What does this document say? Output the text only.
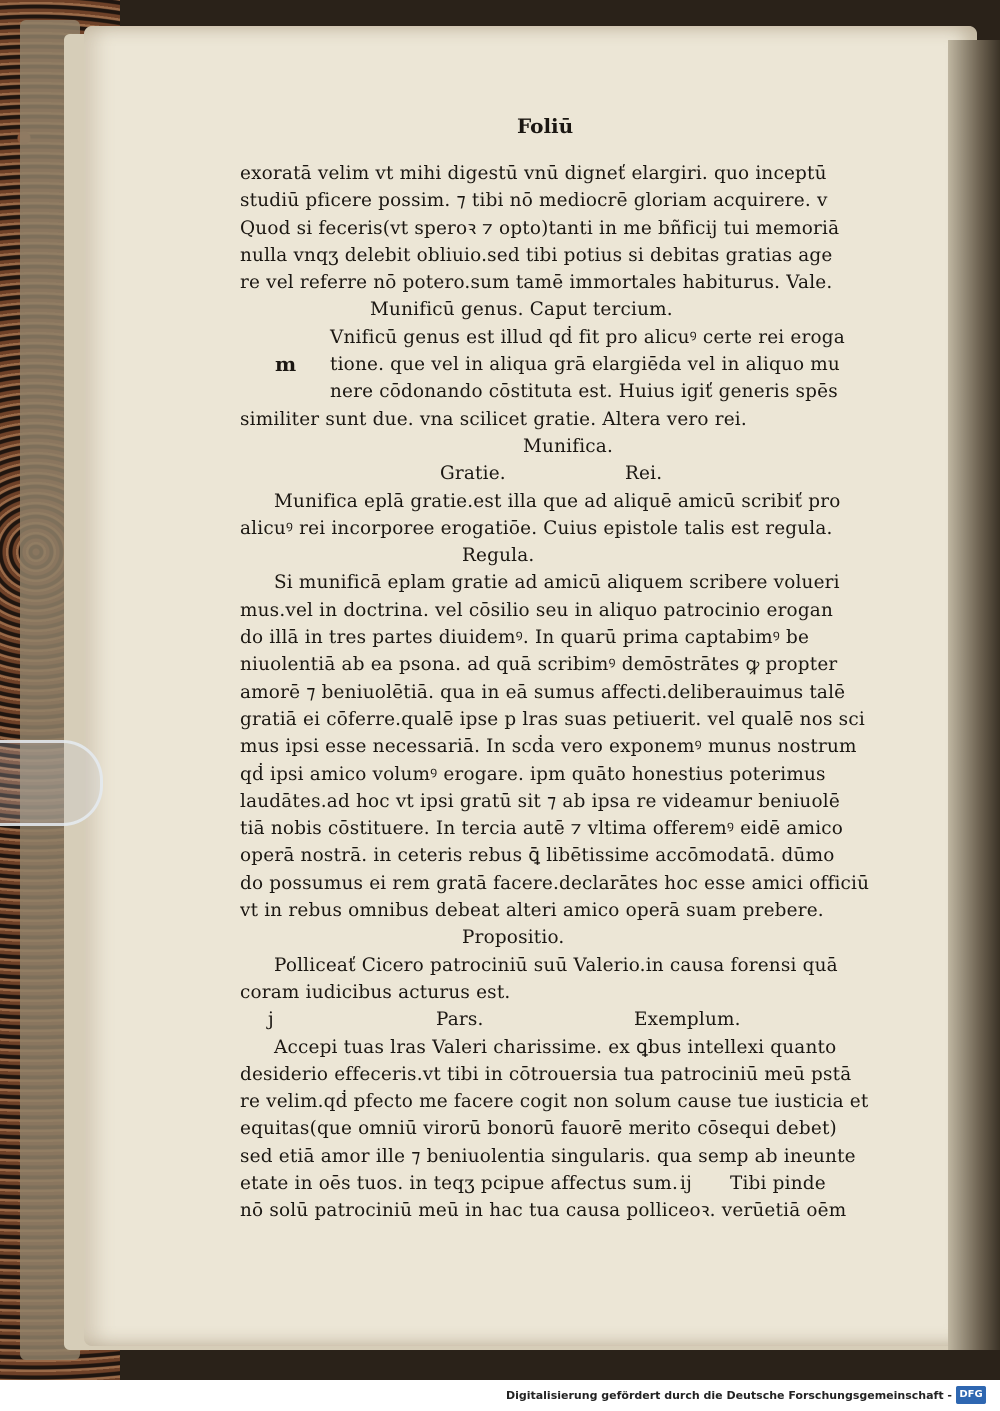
Foliū
m
exoratā velim vt mihi digestū vnū digneť elargiri. quo inceptū
studiū pficere possim. ⁊ tibi nō mediocrē gloriam acquirere. v
Quod si feceris(vt speroꝛ ⁊ opto)tanti in me bñficij tui memoriā
nulla vnqʒ delebit obliuio.sed tibi potius si debitas gratias age
re vel referre nō potero.sum tamē immortales habiturus. Vale.
Munificū genus. Caput tercium.
Vnificū genus est illud qḋ fit pro alicuꝰ certe rei eroga
tione. que vel in aliqua grā elargiēda vel in aliquo mu
nere cōdonando cōstituta est. Huius igiť generis spēs
similiter sunt due. vna scilicet gratie. Altera vero rei.
Munifica.
Gratie.	Rei.
Munifica eplā gratie.est illa que ad aliquē amicū scribiť pro
alicuꝰ rei incorporee erogatiōe. Cuius epistole talis est regula.
Regula.
Si munificā eplam gratie ad amicū aliquem scribere volueri
mus.vel in doctrina. vel cōsilio seu in aliquo patrocinio erogan
do illā in tres partes diuidemꝰ. In quarū prima captabimꝰ be
niuolentiā ab ea psona. ad quā scribimꝰ demōstrātes ꝙ propter
amorē ⁊ beniuolētiā. qua in eā sumus affecti.deliberauimus talē
gratiā ei cōferre.qualē ipse p lras suas petiuerit. vel qualē nos sci
mus ipsi esse necessariā. In scḋa vero exponemꝰ munus nostrum
qḋ ipsi amico volumꝰ erogare. ipm quāto honestius poterimus
laudātes.ad hoc vt ipsi gratū sit ⁊ ab ipsa re videamur beniuolē
tiā nobis cōstituere. In tercia autē ⁊ vltima offeremꝰ eidē amico
operā nostrā. in ceteris rebus ꝗ̄ libētissime accōmodatā. dūmo
do possumus ei rem gratā facere.declarātes hoc esse amici officiū
vt in rebus omnibus debeat alteri amico operā suam prebere.
Propositio.
Polliceať Cicero patrociniū suū Valerio.in causa forensi quā
coram iudicibus acturus est.
j	Pars.	Exemplum.
Accepi tuas lras Valeri charissime. ex ꝗbus intellexi quanto
desiderio effeceris.vt tibi in cōtrouersia tua patrociniū meū pstā
re velim.qḋ pfecto me facere cogit non solum cause tue iusticia et
equitas(que omniū virorū bonorū fauorē merito cōsequi debet)
sed etiā amor ille ⁊ beniuolentia singularis. qua semp ab ineunte
etate in oēs tuos. in teqʒ pcipue affectus sum. ij Tibi pinde
nō solū patrociniū meū in hac tua causa polliceoꝛ. verūetiā oēm
Digitalisierung gefördert durch die Deutsche Forschungsgemeinschaft - DFG
